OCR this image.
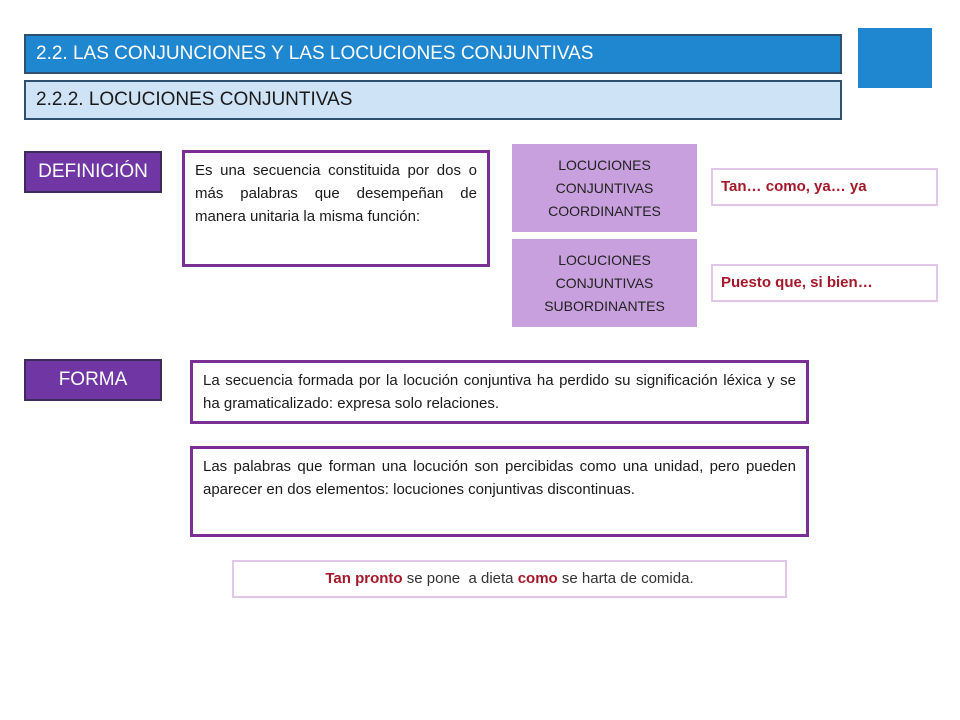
2.2. LAS CONJUNCIONES Y LAS LOCUCIONES CONJUNTIVAS
2.2.2. LOCUCIONES CONJUNTIVAS
DEFINICIÓN	Es una secuencia constituida por dos o más palabras que desempeñan de manera unitaria la misma función:
LOCUCIONES
CONJUNTIVAS
COORDINANTES
Tan… como, ya… ya
LOCUCIONES
CONJUNTIVAS
SUBORDINANTES
Puesto que, si bien…
FORMA	La secuencia formada por la locución conjuntiva ha perdido su significación léxica y se ha gramaticalizado: expresa solo relaciones.
Las palabras que forman una locución son percibidas como una unidad, pero pueden aparecer en dos elementos: locuciones conjuntivas discontinuas.
Tan pronto se pone  a dieta como se harta de comida.
